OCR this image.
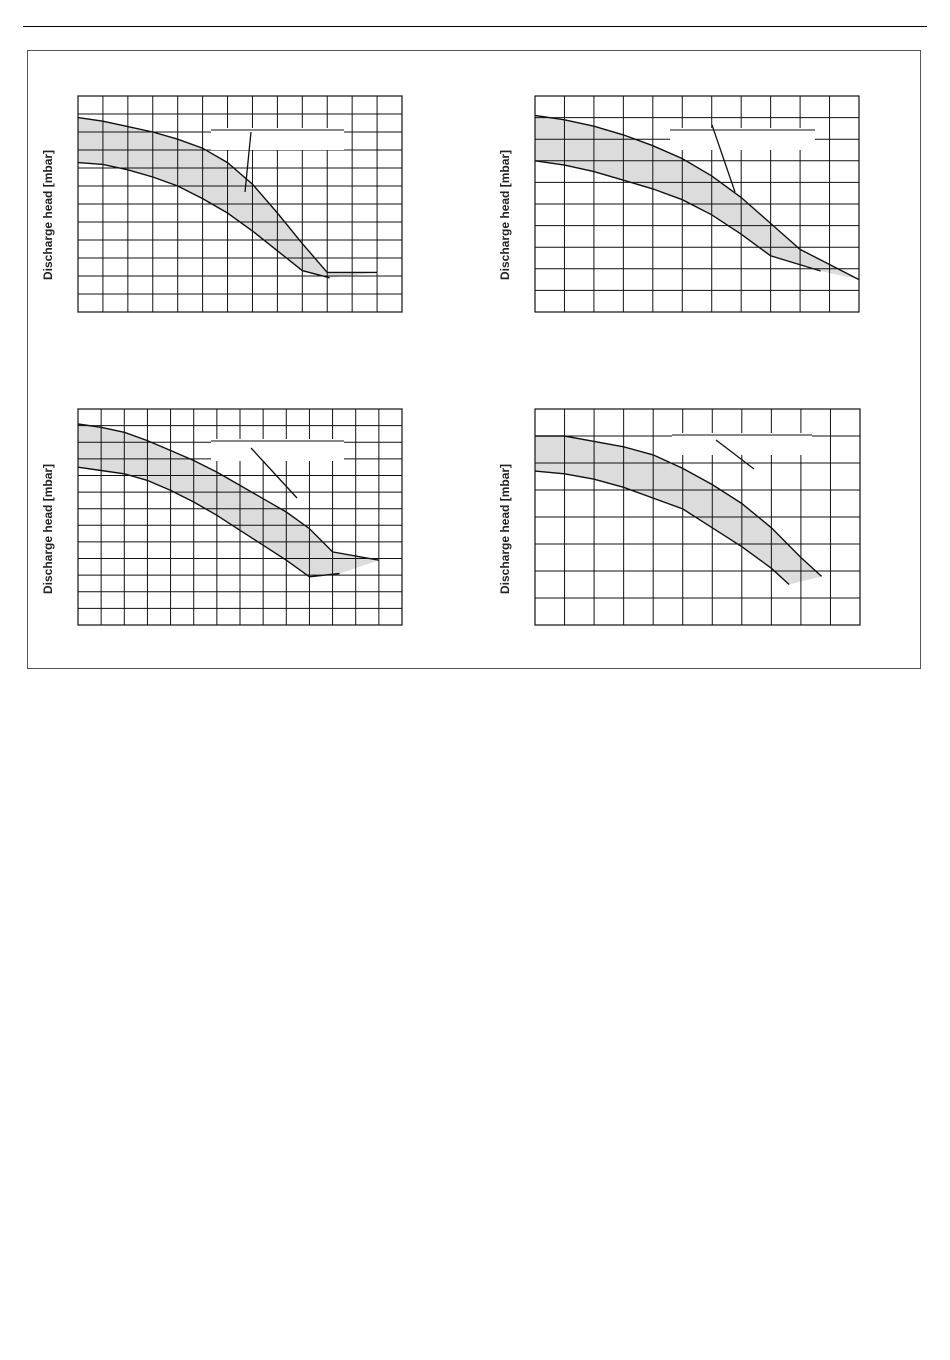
Discharge head [mbar]	Discharge head [mbar]
Discharge head [mbar]	Discharge head [mbar]
